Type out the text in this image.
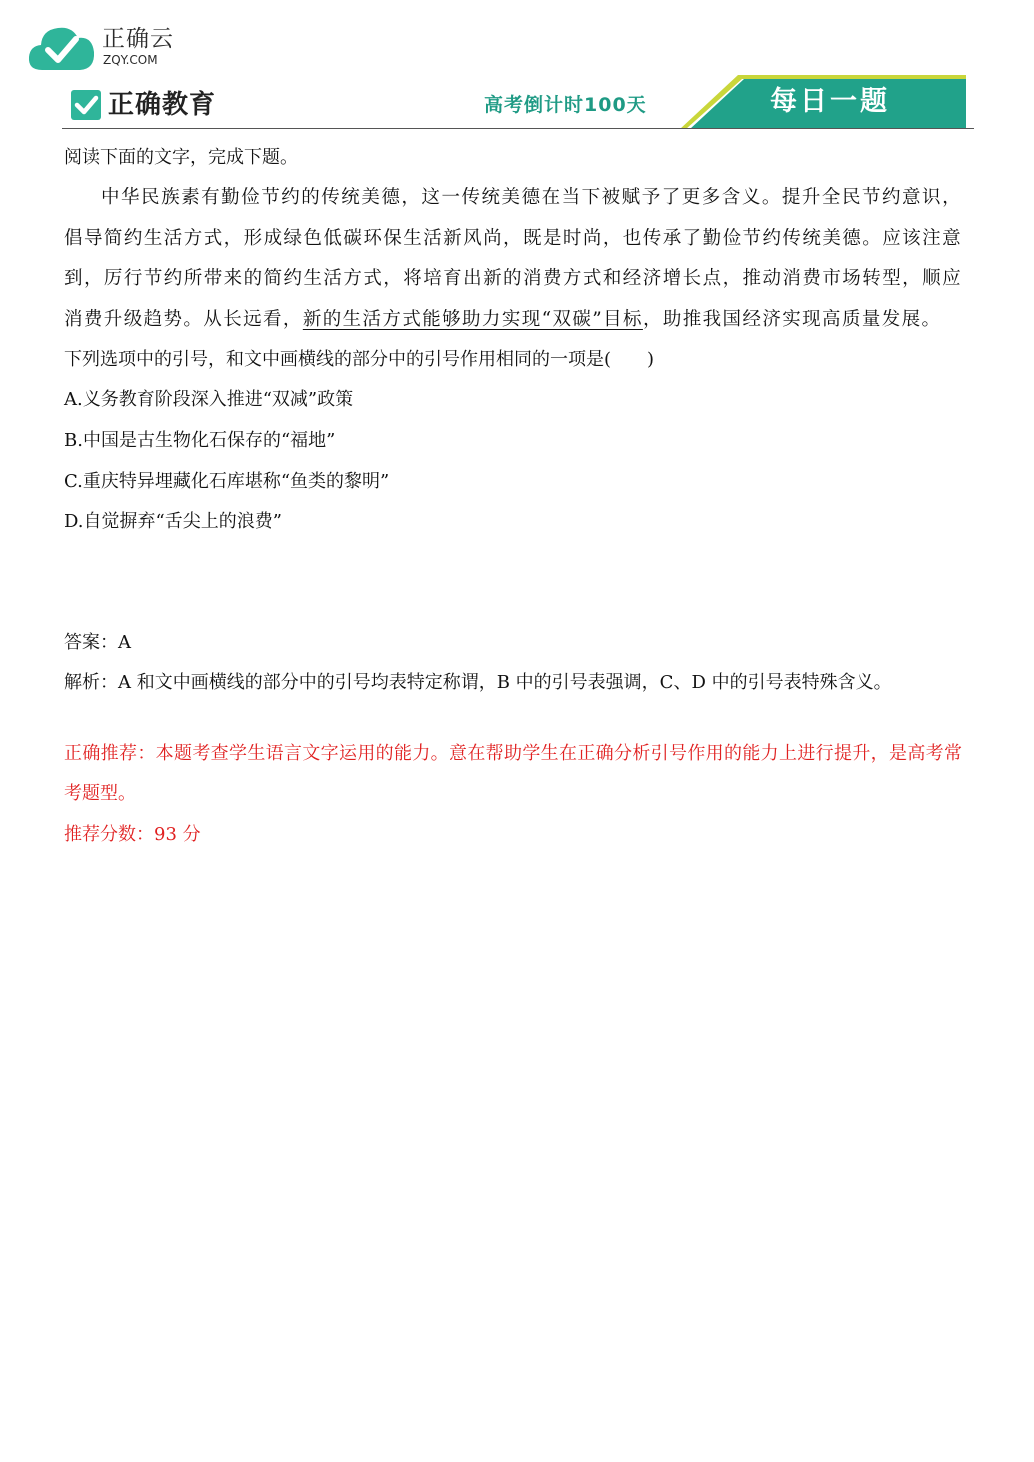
正确云
ZQY.COM
正确教育	高考倒计时100天	每日一题

阅读下面的文字，完成下题。

中华民族素有勤俭节约的传统美德，这一传统美德在当下被赋予了更多含义。提升全民节约意识，倡导简约生活方式，形成绿色低碳环保生活新风尚，既是时尚，也传承了勤俭节约传统美德。应该注意到，厉行节约所带来的简约生活方式，将培育出新的消费方式和经济增长点，推动消费市场转型，顺应消费升级趋势。从长远看，新的生活方式能够助力实现“双碳”目标，助推我国经济实现高质量发展。

下列选项中的引号，和文中画横线的部分中的引号作用相同的一项是(　　)

A.义务教育阶段深入推进“双减”政策

B.中国是古生物化石保存的“福地”

C.重庆特异埋藏化石库堪称“鱼类的黎明”

D.自觉摒弃“舌尖上的浪费”

答案：A

解析：A 和文中画横线的部分中的引号均表特定称谓，B 中的引号表强调，C、D 中的引号表特殊含义。

正确推荐：本题考查学生语言文字运用的能力。意在帮助学生在正确分析引号作用的能力上进行提升，是高考常考题型。

推荐分数：93 分
